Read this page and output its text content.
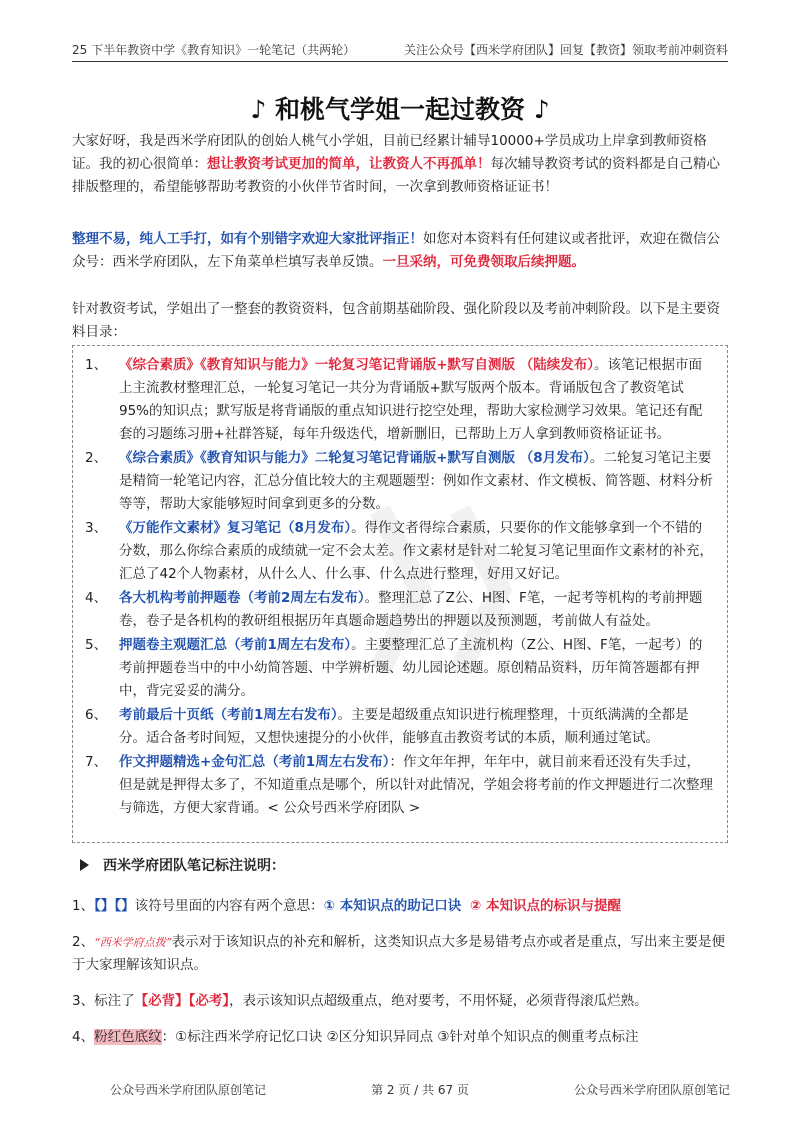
25 下半年教资中学《教育知识》一轮笔记（共两轮）	关注公众号【西米学府团队】回复【教资】领取考前冲刺资料
♪ 和桃气学姐一起过教资 ♪
大家好呀，我是西米学府团队的创始人桃气小学姐，目前已经累计辅导10000+学员成功上岸拿到教师资格证。我的初心很简单：想让教资考试更加的简单，让教资人不再孤单！每次辅导教资考试的资料都是自己精心排版整理的，希望能够帮助考教资的小伙伴节省时间，一次拿到教师资格证证书！
整理不易，纯人工手打，如有个别错字欢迎大家批评指正！如您对本资料有任何建议或者批评，欢迎在微信公众号：西米学府团队，左下角菜单栏填写表单反馈。一旦采纳，可免费领取后续押题。
针对教资考试，学姐出了一整套的教资资料，包含前期基础阶段、强化阶段以及考前冲刺阶段。以下是主要资料目录：
1、 《综合素质》《教育知识与能力》一轮复习笔记背诵版+默写自测版 （陆续发布）。该笔记根据市面上主流教材整理汇总，一轮复习笔记一共分为背诵版+默写版两个版本。背诵版包含了教资笔试95%的知识点；默写版是将背诵版的重点知识进行挖空处理，帮助大家检测学习效果。笔记还有配套的习题练习册+社群答疑，每年升级迭代，增新删旧，已帮助上万人拿到教师资格证证书。
2、 《综合素质》《教育知识与能力》二轮复习笔记背诵版+默写自测版 （8月发布）。二轮复习笔记主要是精简一轮笔记内容，汇总分值比较大的主观题题型：例如作文素材、作文模板、简答题、材料分析等等，帮助大家能够短时间拿到更多的分数。
3、 《万能作文素材》复习笔记（8月发布）。得作文者得综合素质，只要你的作文能够拿到一个不错的分数，那么你综合素质的成绩就一定不会太差。作文素材是针对二轮复习笔记里面作文素材的补充，汇总了42个人物素材，从什么人、什么事、什么点进行整理，好用又好记。
4、 各大机构考前押题卷（考前2周左右发布）。整理汇总了Z公、H图、F笔，一起考等机构的考前押题卷，卷子是各机构的教研组根据历年真题命题趋势出的押题以及预测题，考前做人有益处。
5、 押题卷主观题汇总（考前1周左右发布）。主要整理汇总了主流机构（Z公、H图、F笔，一起考）的考前押题卷当中的中小幼简答题、中学辨析题、幼儿园论述题。原创精品资料，历年简答题都有押中，背完妥妥的满分。
6、 考前最后十页纸（考前1周左右发布）。主要是超级重点知识进行梳理整理，十页纸满满的全都是分。适合备考时间短，又想快速提分的小伙伴，能够直击教资考试的本质，顺利通过笔试。
7、 作文押题精选+金句汇总（考前1周左右发布）：作文年年押，年年中，就目前来看还没有失手过，但是就是押得太多了，不知道重点是哪个，所以针对此情况，学姐会将考前的作文押题进行二次整理与筛选，方便大家背诵。< 公众号西米学府团队 >
西米学府团队笔记标注说明：
1、【】【】该符号里面的内容有两个意思：① 本知识点的助记口诀 ② 本知识点的标识与提醒
2、“西米学府点拨”表示对于该知识点的补充和解析，这类知识点大多是易错考点亦或者是重点，写出来主要是便于大家理解该知识点。
3、标注了【必背】【必考】，表示该知识点超级重点，绝对要考，不用怀疑，必须背得滚瓜烂熟。
4、粉红色底纹：①标注西米学府记忆口诀 ②区分知识异同点 ③针对单个知识点的侧重考点标注
公众号西米学府团队原创笔记	第 2 页 / 共 67 页	公众号西米学府团队原创笔记
